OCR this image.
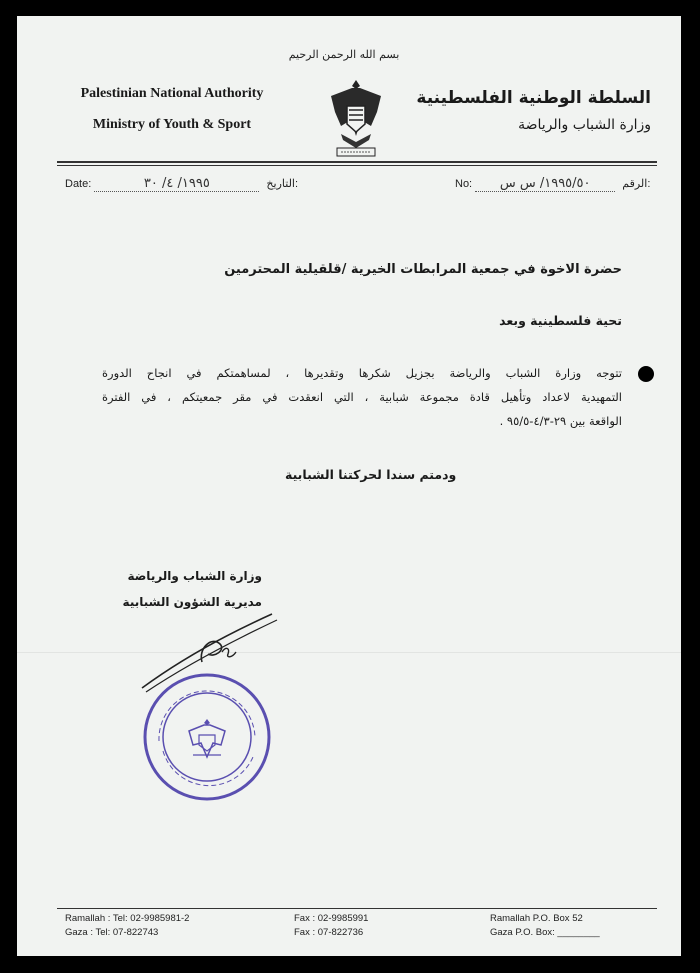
بسم الله الرحمن الرحيم
Palestinian National Authority
Ministry of Youth & Sport
السلطة الوطنية الفلسطينية
وزارة الشباب والرياضة
Date:	١٩٩٥/ ٤/ ٣٠	التاريخ:	No: ١٩٩٥/٥٠/ س س	الرقم:
حضرة الاخوة في جمعية المرابطات الخيرية /قلقيلية المحترمين
تحية فلسطينية وبعد
تتوجه وزارة الشباب والرياضة بجزيل شكرها وتقديرها ، لمساهمتكم في انجاح الدورة
التمهيدية لاعداد وتأهيل قادة مجموعة شبابية ، التي انعقدت في مقر جمعيتكم ، في الفترة
الواقعة بين ٢٩-٤/٣-٩٥/٥ .
ودمتم سندا لحركتنا الشبابية
وزارة الشباب والرياضة
مديرية الشؤون الشبابية
Ramallah : Tel: 02-9985981-2
Gaza : Tel: 07-822743
Fax : 02-9985991
Fax : 07-822736
Ramallah P.O. Box 52
Gaza P.O. Box: ________
